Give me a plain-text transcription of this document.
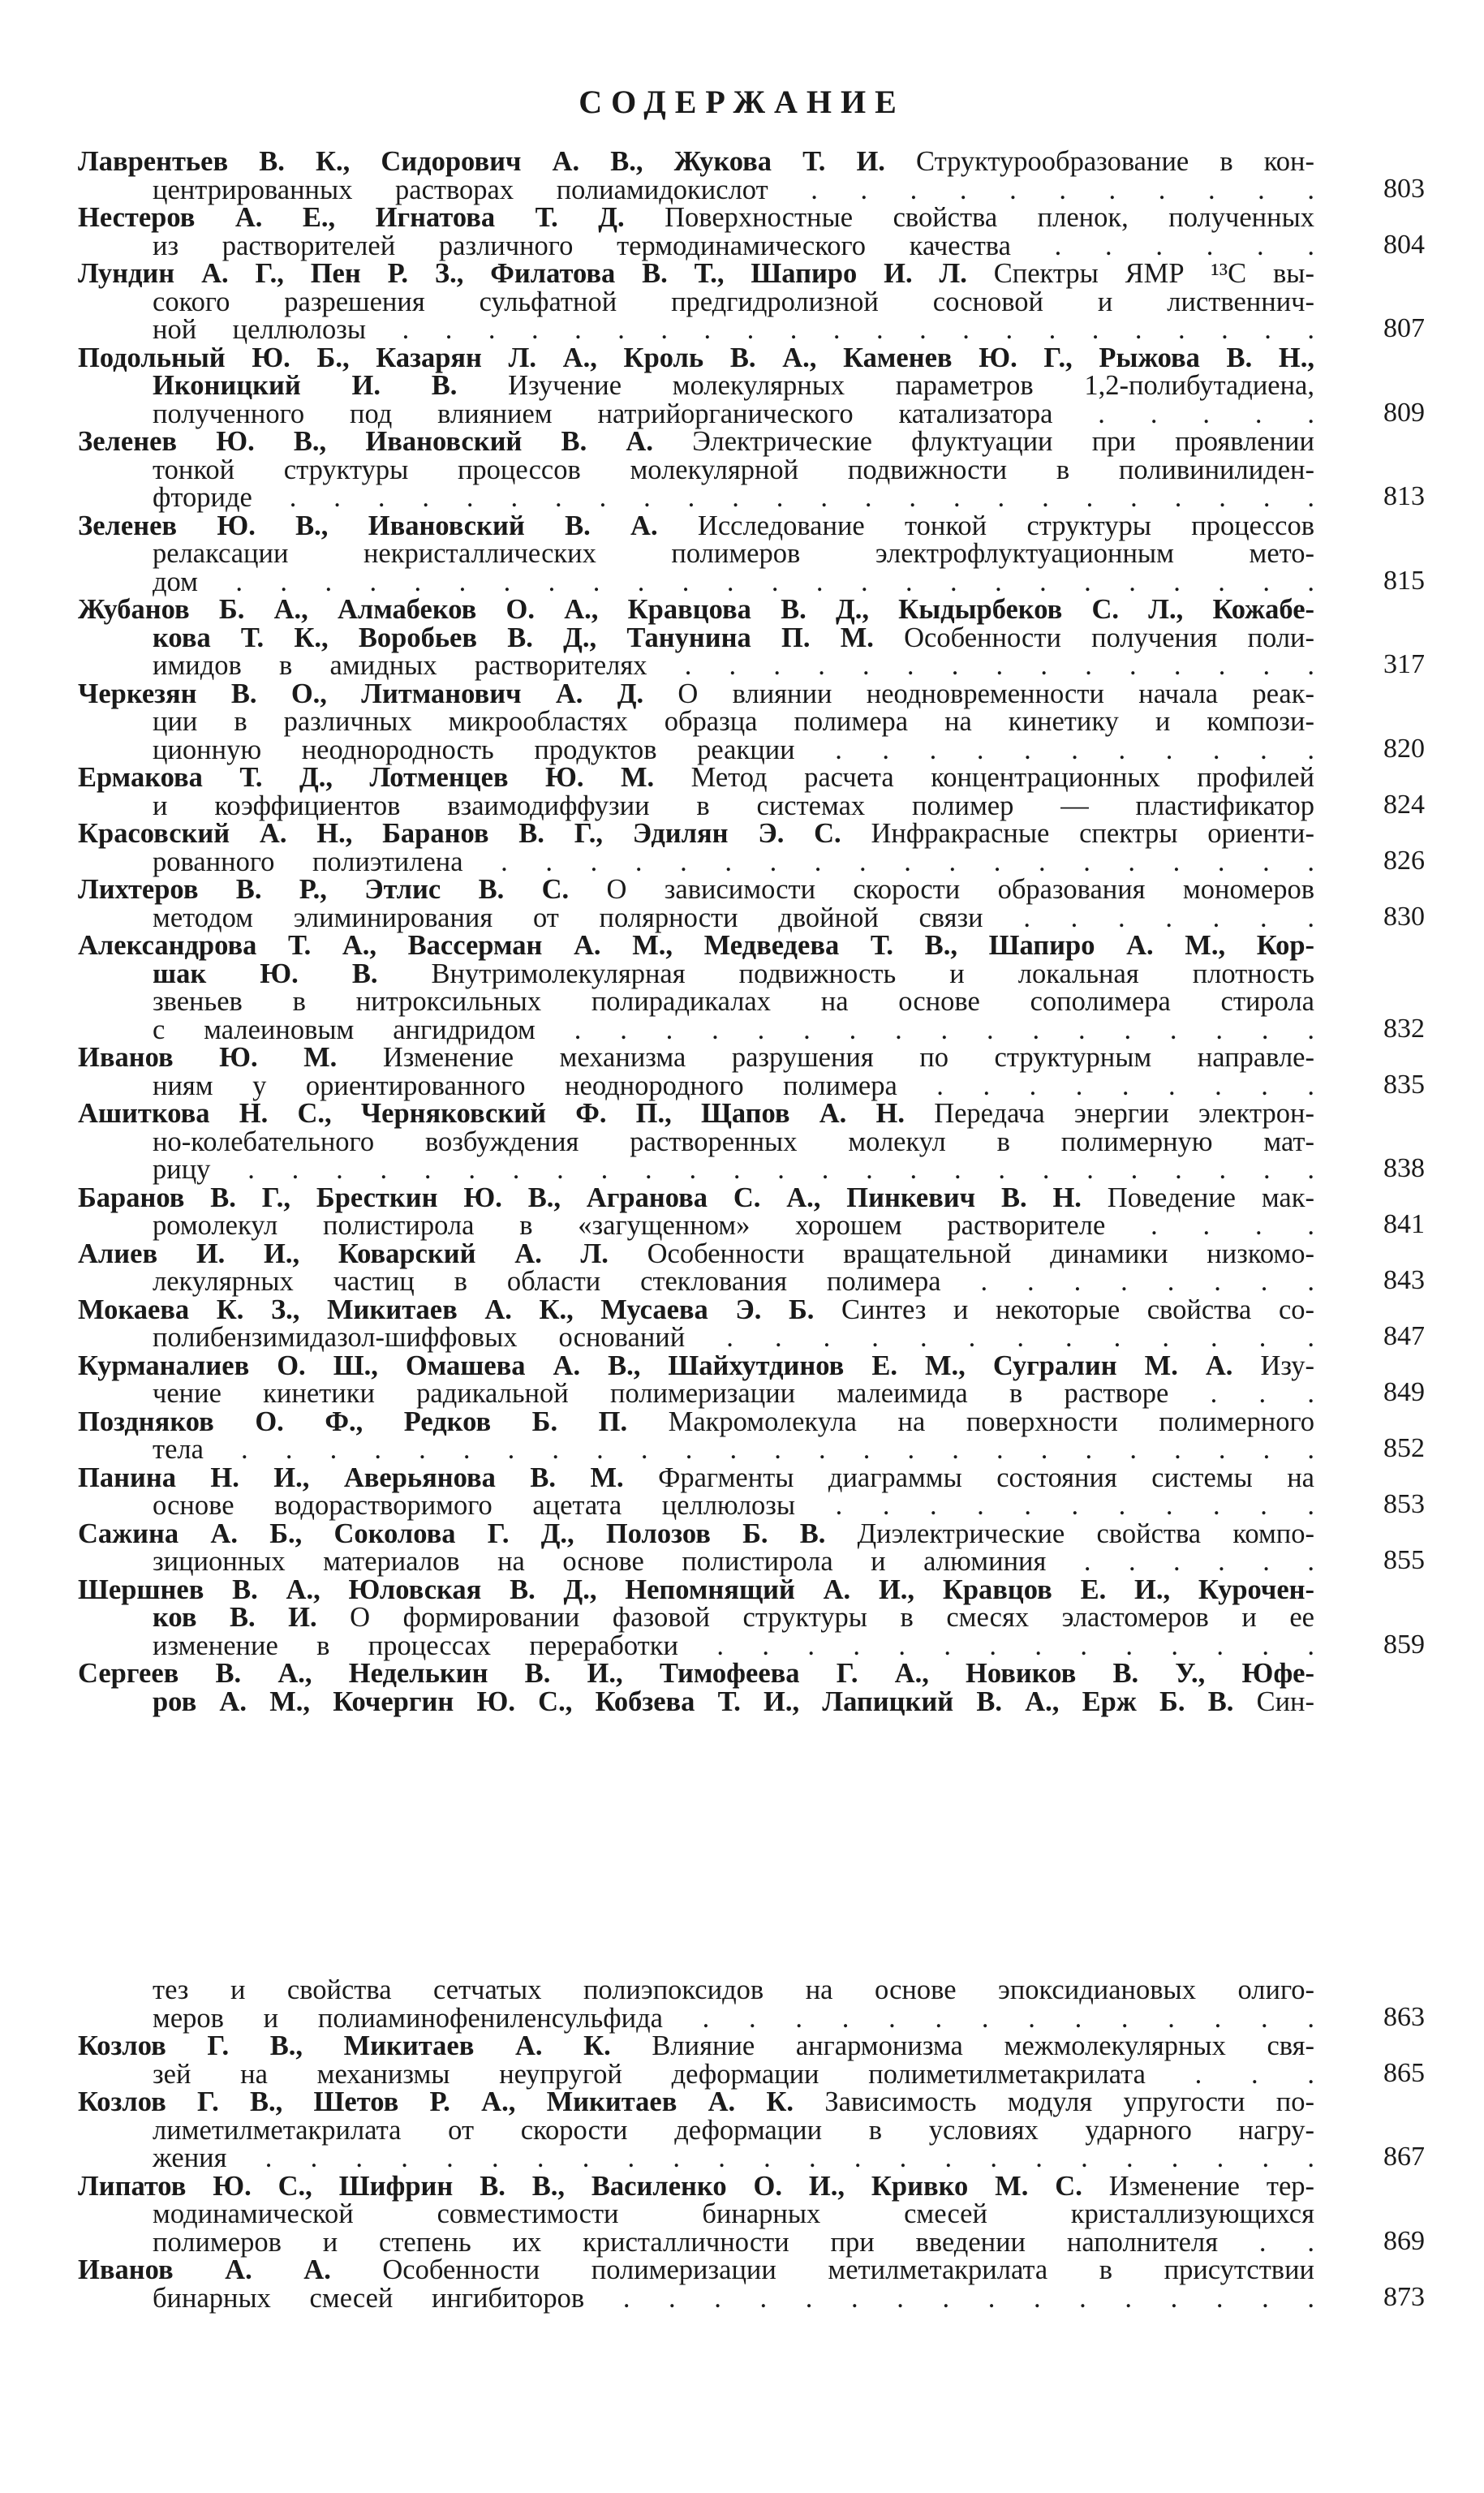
СОДЕРЖАНИЕ
Лаврентьев В. К., Сидорович А. В., Жукова Т. И. Структурообразование в кон-
центрированных растворах полиамидокислот . . . . . . . . . . .	803
Нестеров А. Е., Игнатова Т. Д. Поверхностные свойства пленок, полученных
из растворителей различного термодинамического качества . . . . . .	804
Лундин А. Г., Пен Р. З., Филатова В. Т., Шапиро И. Л. Спектры ЯМР ¹³С вы-
сокого разрешения сульфатной предгидролизной сосновой и лиственнич-
ной целлюлозы . . . . . . . . . . . . . . . . . . . . . .	807
Подольный Ю. Б., Казарян Л. А., Кроль В. А., Каменев Ю. Г., Рыжова В. Н.,
Иконицкий И. В. Изучение молекулярных параметров 1,2-полибутадиена,
полученного под влиянием натрийорганического катализатора . . . . .	809
Зеленев Ю. В., Ивановский В. А. Электрические флуктуации при проявлении
тонкой структуры процессов молекулярной подвижности в поливинилиден-
фториде . . . . . . . . . . . . . . . . . . . . . . . .	813
Зеленев Ю. В., Ивановский В. А. Исследование тонкой структуры процессов
релаксации некристаллических полимеров электрофлуктуационным мето-
дом . . . . . . . . . . . . . . . . . . . . . . . . .	815
Жубанов Б. А., Алмабеков О. А., Кравцова В. Д., Кыдырбеков С. Л., Кожабе-
кова Т. К., Воробьев В. Д., Танунина П. М. Особенности получения поли-
имидов в амидных растворителях . . . . . . . . . . . . . . .	317
Черкезян В. О., Литманович А. Д. О влиянии неодновременности начала реак-
ции в различных микрообластях образца полимера на кинетику и компози-
ционную неоднородность продуктов реакции . . . . . . . . . . .	820
Ермакова Т. Д., Лотменцев Ю. М. Метод расчета концентрационных профилей
и коэффициентов взаимодиффузии в системах полимер — пластификатор	824
Красовский А. Н., Баранов В. Г., Эдилян Э. С. Инфракрасные спектры ориенти-
рованного полиэтилена . . . . . . . . . . . . . . . . . . .	826
Лихтеров В. Р., Этлис В. С. О зависимости скорости образования мономеров
методом элиминирования от полярности двойной связи . . . . . . .	830
Александрова Т. А., Вассерман А. М., Медведева Т. В., Шапиро А. М., Кор-
шак Ю. В. Внутримолекулярная подвижность и локальная плотность
звеньев в нитроксильных полирадикалах на основе сополимера стирола
с малеиновым ангидридом . . . . . . . . . . . . . . . . .	832
Иванов Ю. М. Изменение механизма разрушения по структурным направле-
ниям у ориентированного неоднородного полимера . . . . . . . . .	835
Ашиткова Н. С., Черняковский Ф. П., Щапов А. Н. Передача энергии электрон-
но-колебательного возбуждения растворенных молекул в полимерную мат-
рицу . . . . . . . . . . . . . . . . . . . . . . . . .	838
Баранов В. Г., Бресткин Ю. В., Агранова С. А., Пинкевич В. Н. Поведение мак-
ромолекул полистирола в «загущенном» хорошем растворителе . . . .	841
Алиев И. И., Коварский А. Л. Особенности вращательной динамики низкомо-
лекулярных частиц в области стеклования полимера . . . . . . . .	843
Мокаева К. З., Микитаев А. К., Мусаева Э. Б. Синтез и некоторые свойства со-
полибензимидазол-шиффовых оснований . . . . . . . . . . . . .	847
Курманалиев О. Ш., Омашева А. В., Шайхутдинов Е. М., Сугралин М. А. Изу-
чение кинетики радикальной полимеризации малеимида в растворе . . .	849
Поздняков О. Ф., Редков Б. П. Макромолекула на поверхности полимерного
тела . . . . . . . . . . . . . . . . . . . . . . . . .	852
Панина Н. И., Аверьянова В. М. Фрагменты диаграммы состояния системы на
основе водорастворимого ацетата целлюлозы . . . . . . . . . . .	853
Сажина А. Б., Соколова Г. Д., Полозов Б. В. Диэлектрические свойства компо-
зиционных материалов на основе полистирола и алюминия . . . . . .	855
Шершнев В. А., Юловская В. Д., Непомнящий А. И., Кравцов Е. И., Курочен-
ков В. И. О формировании фазовой структуры в смесях эластомеров и ее
изменение в процессах переработки . . . . . . . . . . . . . .	859
Сергеев В. А., Неделькин В. И., Тимофеева Г. А., Новиков В. У., Юфе-
ров А. М., Кочергин Ю. С., Кобзева Т. И., Лапицкий В. А., Ерж Б. В. Син-
тез и свойства сетчатых полиэпоксидов на основе эпоксидиановых олиго-
меров и полиаминофениленсульфида . . . . . . . . . . . . . .	863
Козлов Г. В., Микитаев А. К. Влияние ангармонизма межмолекулярных свя-
зей на механизмы неупругой деформации полиметилметакрилата . . .	865
Козлов Г. В., Шетов Р. А., Микитаев А. К. Зависимость модуля упругости по-
лиметилметакрилата от скорости деформации в условиях ударного нагру-
жения . . . . . . . . . . . . . . . . . . . . . . . .	867
Липатов Ю. С., Шифрин В. В., Василенко О. И., Кривко М. С. Изменение тер-
модинамической совместимости бинарных смесей кристаллизующихся
полимеров и степень их кристалличности при введении наполнителя . .	869
Иванов А. А. Особенности полимеризации метилметакрилата в присутствии
бинарных смесей ингибиторов . . . . . . . . . . . . . . . .	873
